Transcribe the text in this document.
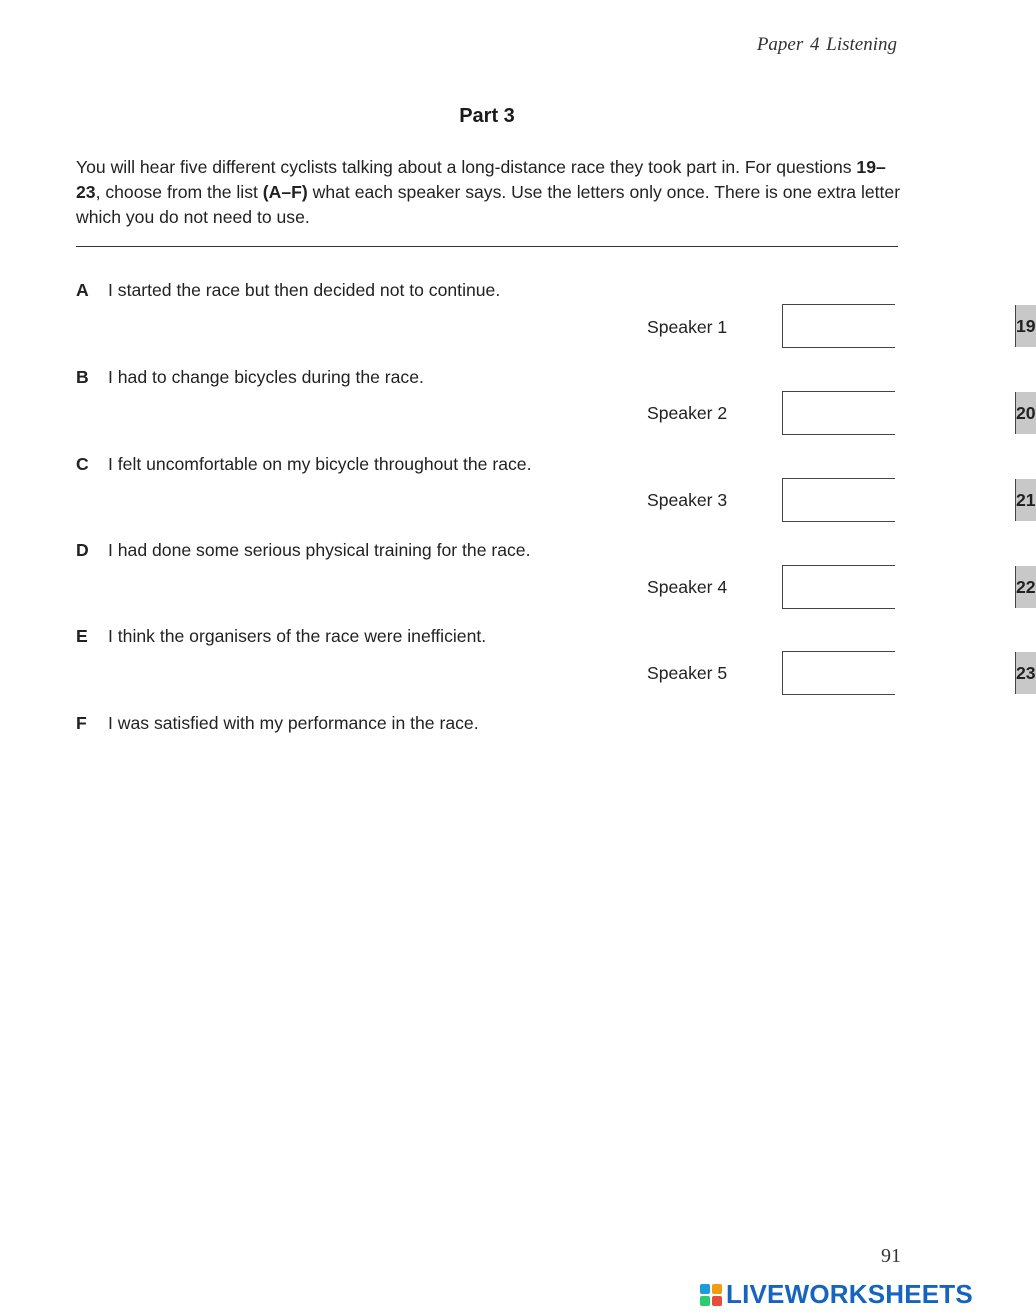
Paper 4 Listening
Part 3
You will hear five different cyclists talking about a long-distance race they took part in. For questions 19–23, choose from the list (A–F) what each speaker says. Use the letters only once. There is one extra letter which you do not need to use.
A I started the race but then decided not to continue.
B I had to change bicycles during the race.
C I felt uncomfortable on my bicycle throughout the race.
D I had done some serious physical training for the race.
E I think the organisers of the race were inefficient.
F I was satisfied with my performance in the race.
Speaker 1	19
Speaker 2	20
Speaker 3	21
Speaker 4	22
Speaker 5	23
91
LIVEWORKSHEETS
